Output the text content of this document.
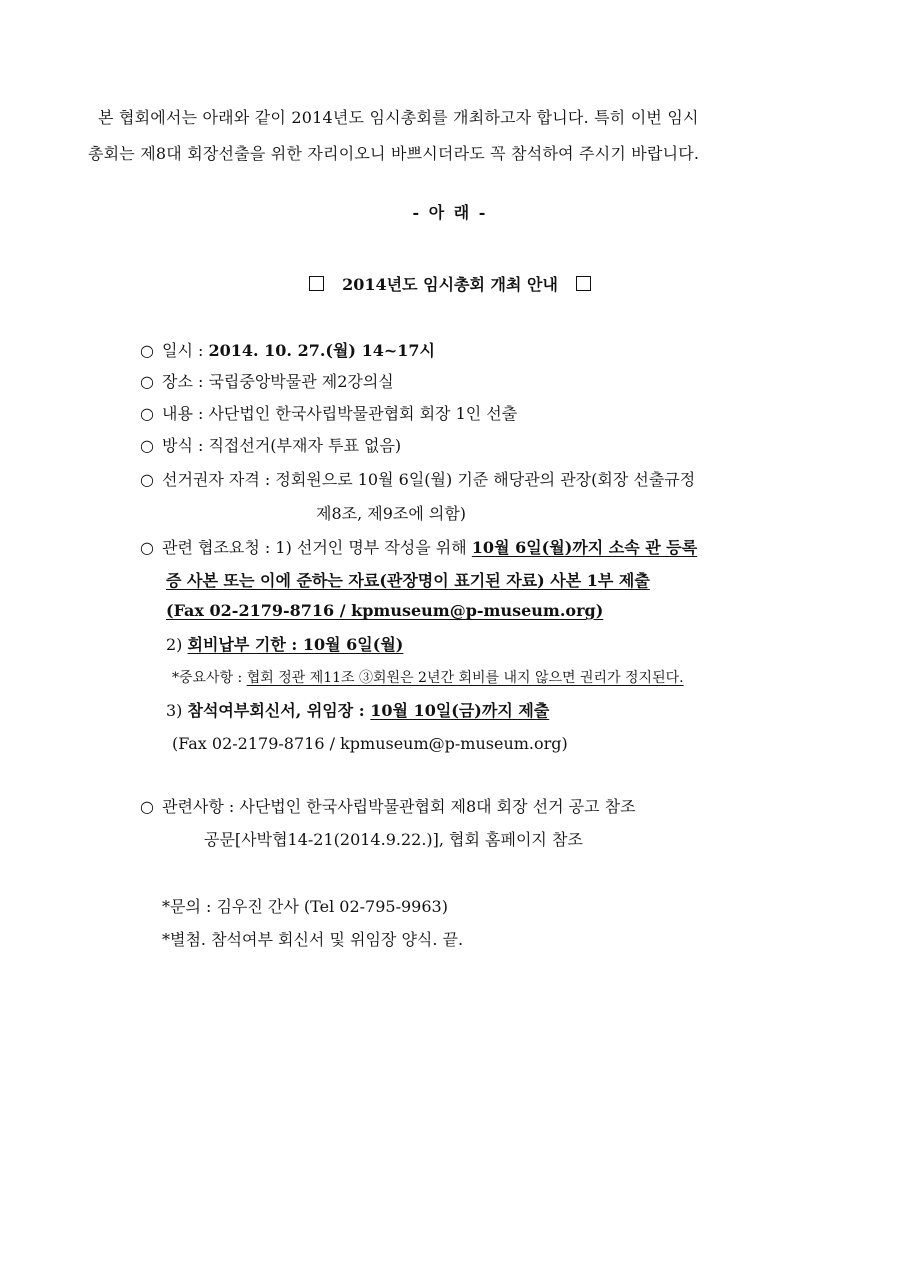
본 협회에서는 아래와 같이 2014년도 임시총회를 개최하고자 합니다. 특히 이번 임시

총회는 제8대 회장선출을 위한 자리이오니 바쁘시더라도 꼭 참석하여 주시기 바랍니다.

- 아 래 -
2014년도 임시총회 개최 안내
○ 일시 : 2014. 10. 27.(월) 14~17시
○ 장소 : 국립중앙박물관 제2강의실
○ 내용 : 사단법인 한국사립박물관협회 회장 1인 선출
○ 방식 : 직접선거(부재자 투표 없음)
○ 선거권자 자격 : 정회원으로 10월 6일(월) 기준 해당관의 관장(회장 선출규정
제8조, 제9조에 의함)
○ 관련 협조요청 : 1) 선거인 명부 작성을 위해 10월 6일(월)까지 소속 관 등록
증 사본 또는 이에 준하는 자료(관장명이 표기된 자료) 사본 1부 제출
(Fax 02-2179-8716 / kpmuseum@p-museum.org)
2) 회비납부 기한 : 10월 6일(월)
*중요사항 : 협회 정관 제11조 ③회원은 2년간 회비를 내지 않으면 권리가 정지된다.
3) 참석여부회신서, 위임장 : 10월 10일(금)까지 제출
(Fax 02-2179-8716 / kpmuseum@p-museum.org)
○ 관련사항 : 사단법인 한국사립박물관협회 제8대 회장 선거 공고 참조
공문[사박협14-21(2014.9.22.)], 협회 홈페이지 참조
*문의 : 김우진 간사 (Tel 02-795-9963)
*별첨. 참석여부 회신서 및 위임장 양식. 끝.
